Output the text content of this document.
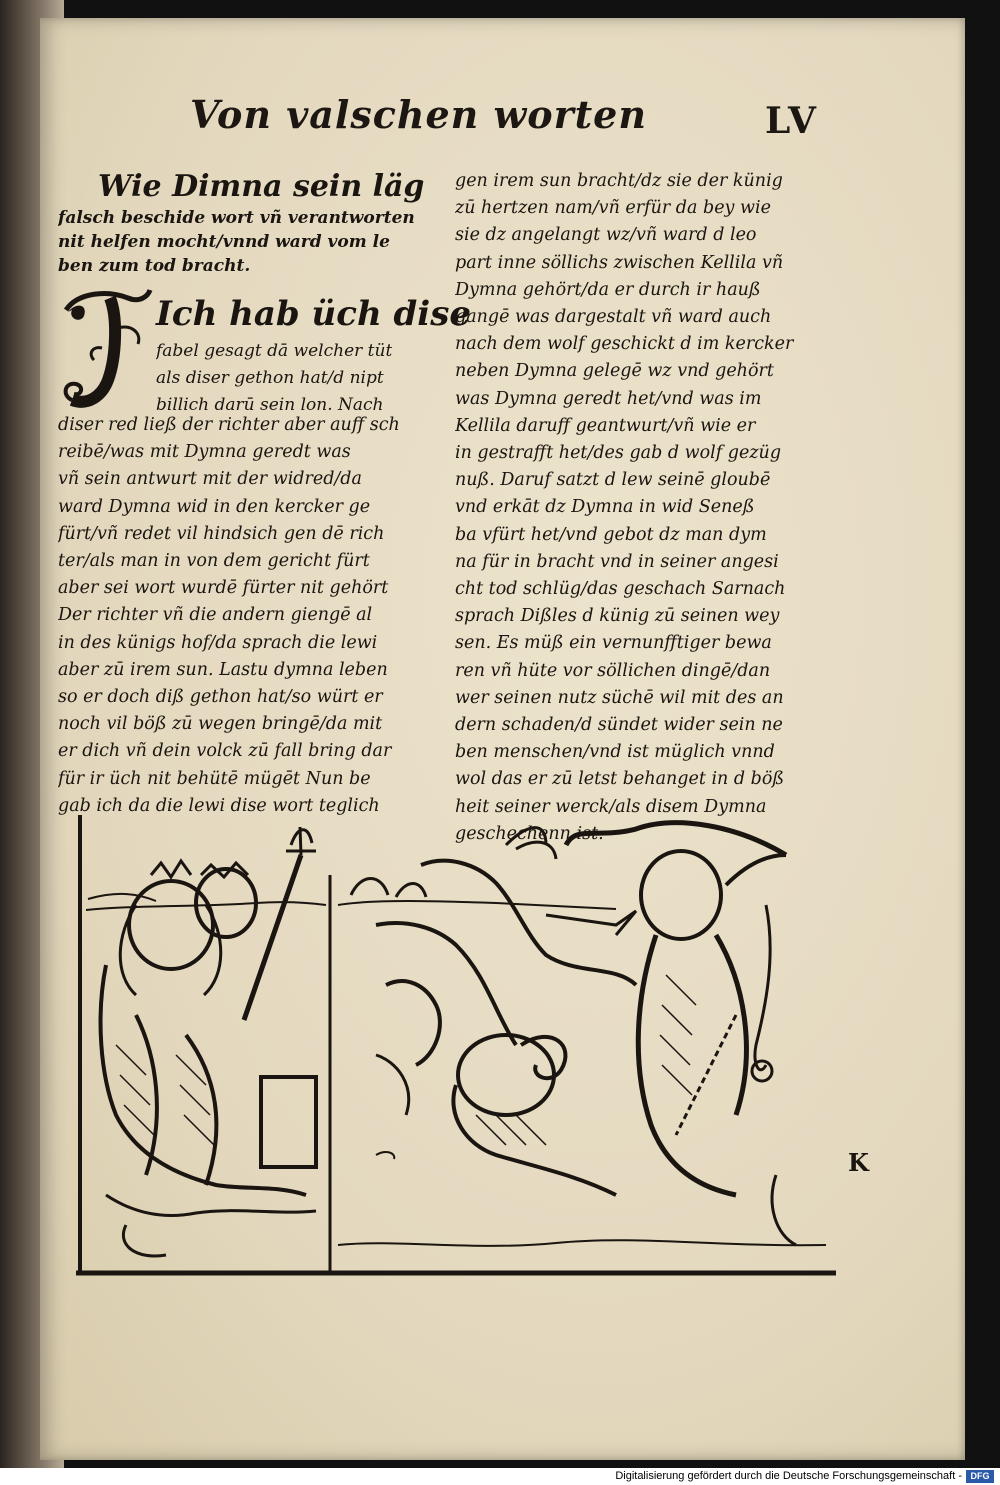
Von valschen worten	LV
Wie Dimna sein läg
falsch beschide wort vñ verantworten
nit helfen mocht/vnnd ward vom le
ben zum tod bracht.
Ich hab üch dise
fabel gesagt dā welcher tüt
als diser gethon hat/d nipt
billich darū sein lon. Nach
diser red ließ der richter aber auff sch
reibē/was mit Dymna geredt was
vñ sein antwurt mit der widred/da
ward Dymna wid in den kercker ge
fürt/vñ redet vil hindsich gen dē rich
ter/als man in von dem gericht fürt
aber sei wort wurdē fürter nit gehört
Der richter vñ die andern giengē al
in des künigs hof/da sprach die lewi
aber zū irem sun. Lastu dymna leben
so er doch diß gethon hat/so würt er
noch vil böß zū wegen bringē/da mit
er dich vñ dein volck zū fall bring dar
für ir üch nit behütē mügēt Nun be
gab ich da die lewi dise wort teglich
gen irem sun bracht/dz sie der künig
zū hertzen nam/vñ erfür da bey wie
sie dz angelangt wz/vñ ward d leo
part inne söllichs zwischen Kellila vñ
Dymna gehört/da er durch ir hauß
gangē was dargestalt vñ ward auch
nach dem wolf geschickt d im kercker
neben Dymna gelegē wz vnd gehört
was Dymna geredt het/vnd was im
Kellila daruff geantwurt/vñ wie er
in gestrafft het/des gab d wolf gezüg
nuß. Daruf satzt d lew seinē gloubē
vnd erkāt dz Dymna in wid Seneß
ba vfürt het/vnd gebot dz man dym
na für in bracht vnd in seiner angesi
cht tod schlüg/das geschach Sarnach
sprach Dißles d künig zū seinen wey
sen. Es müß ein vernunfftiger bewa
ren vñ hüte vor söllichen dingē/dan
wer seinen nutz süchē wil mit des an
dern schaden/d sündet wider sein ne
ben menschen/vnd ist müglich vnnd
wol das er zū letst behanget in d böß
heit seiner werck/als disem Dymna
geschechenn ist.
K
Digitalisierung gefördert durch die Deutsche Forschungsgemeinschaft - DFG
